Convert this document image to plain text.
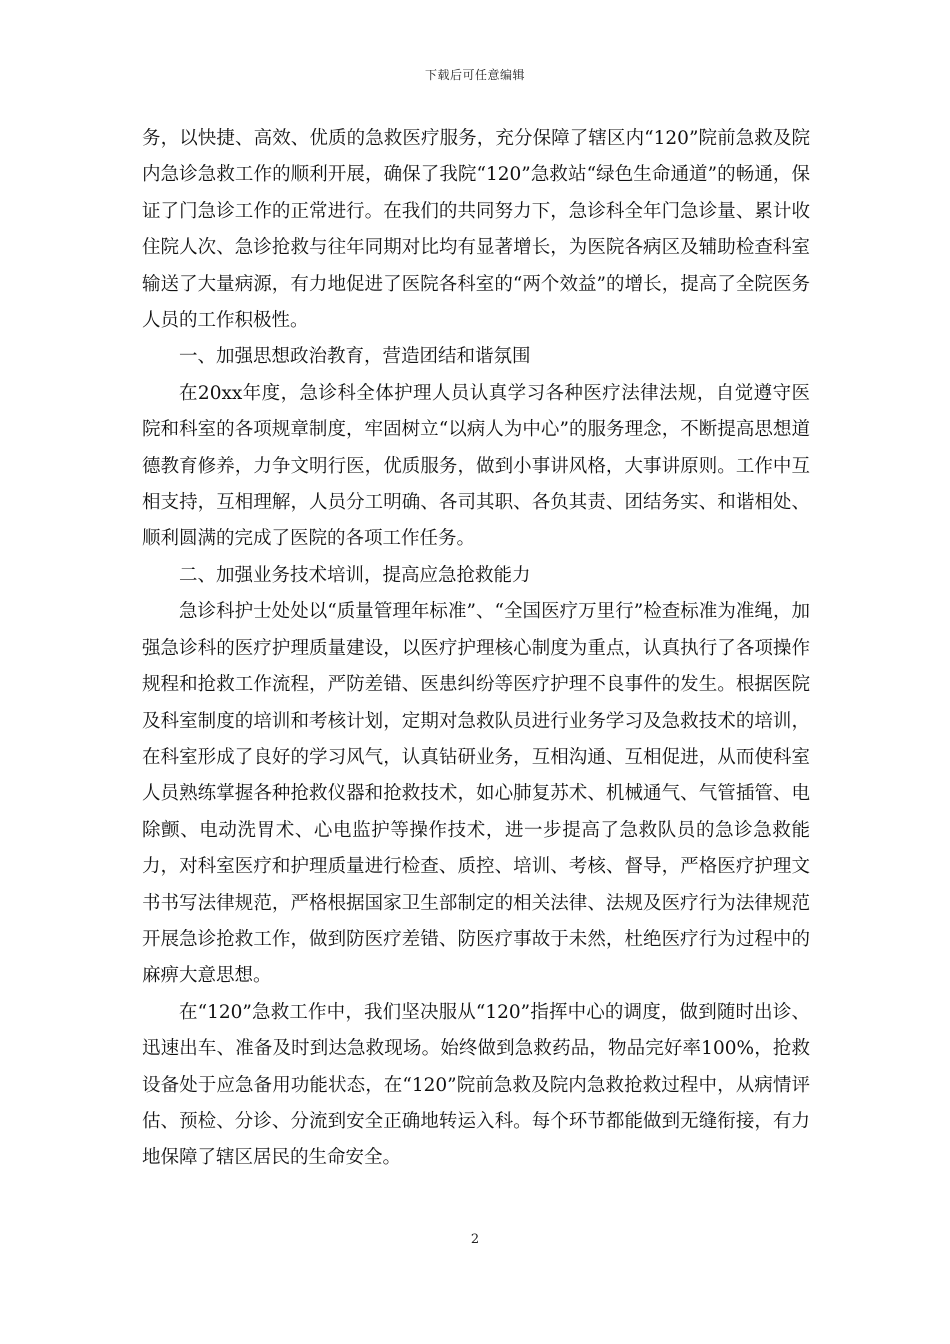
下载后可任意编辑

务，以快捷、高效、优质的急救医疗服务，充分保障了辖区内“120”院前急救及院内急诊急救工作的顺利开展，确保了我院“120”急救站“绿色生命通道”的畅通，保证了门急诊工作的正常进行。在我们的共同努力下，急诊科全年门急诊量、累计收住院人次、急诊抢救与往年同期对比均有显著增长，为医院各病区及辅助检查科室输送了大量病源，有力地促进了医院各科室的“两个效益”的增长，提高了全院医务人员的工作积极性。

一、加强思想政治教育，营造团结和谐氛围

在20xx年度，急诊科全体护理人员认真学习各种医疗法律法规，自觉遵守医院和科室的各项规章制度，牢固树立“以病人为中心”的服务理念，不断提高思想道德教育修养，力争文明行医，优质服务，做到小事讲风格，大事讲原则。工作中互相支持，互相理解，人员分工明确、各司其职、各负其责、团结务实、和谐相处、顺利圆满的完成了医院的各项工作任务。

二、加强业务技术培训，提高应急抢救能力

急诊科护士处处以“质量管理年标准”、“全国医疗万里行”检查标准为准绳，加强急诊科的医疗护理质量建设，以医疗护理核心制度为重点，认真执行了各项操作规程和抢救工作流程，严防差错、医患纠纷等医疗护理不良事件的发生。根据医院及科室制度的培训和考核计划，定期对急救队员进行业务学习及急救技术的培训，在科室形成了良好的学习风气，认真钻研业务，互相沟通、互相促进，从而使科室人员熟练掌握各种抢救仪器和抢救技术，如心肺复苏术、机械通气、气管插管、电除颤、电动洗胃术、心电监护等操作技术，进一步提高了急救队员的急诊急救能力，对科室医疗和护理质量进行检查、质控、培训、考核、督导，严格医疗护理文书书写法律规范，严格根据国家卫生部制定的相关法律、法规及医疗行为法律规范开展急诊抢救工作，做到防医疗差错、防医疗事故于未然，杜绝医疗行为过程中的麻痹大意思想。

在“120”急救工作中，我们坚决服从“120”指挥中心的调度，做到随时出诊、迅速出车、准备及时到达急救现场。始终做到急救药品，物品完好率100%，抢救设备处于应急备用功能状态，在“120”院前急救及院内急救抢救过程中，从病情评估、预检、分诊、分流到安全正确地转运入科。每个环节都能做到无缝衔接，有力地保障了辖区居民的生命安全。

2
